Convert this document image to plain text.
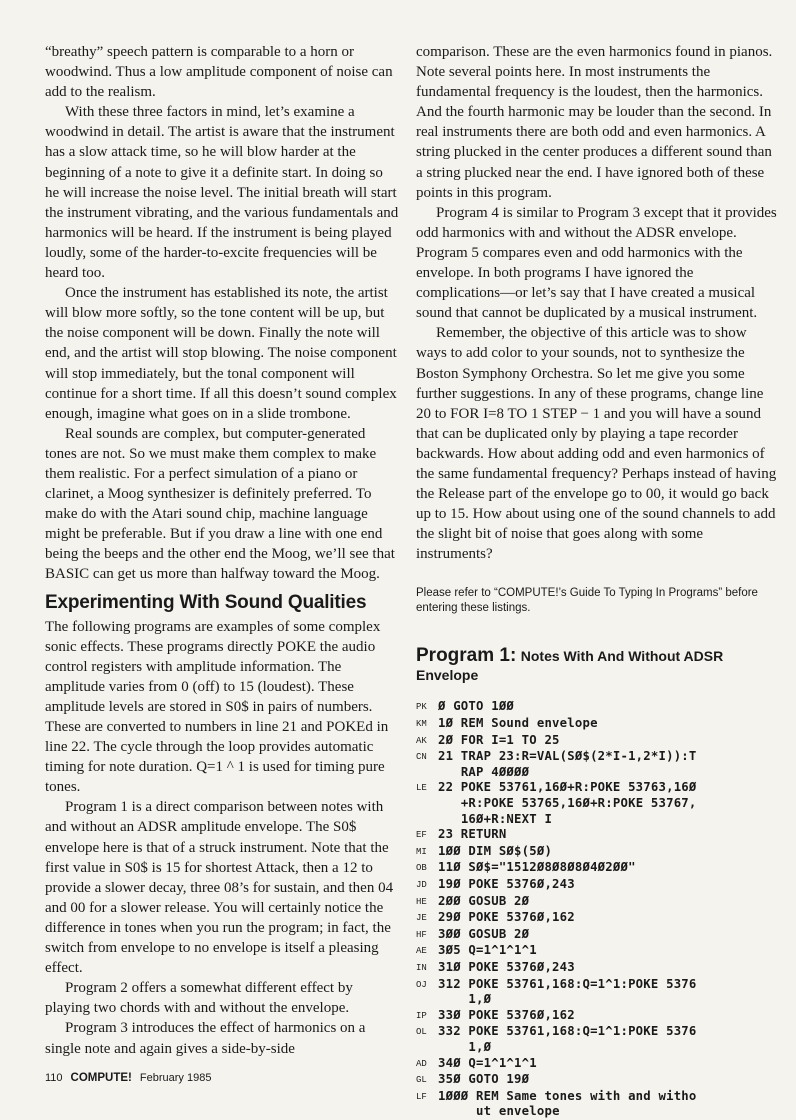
“breathy” speech pattern is comparable to a horn or woodwind. Thus a low amplitude component of noise can add to the realism.

With these three factors in mind, let’s examine a woodwind in detail. The artist is aware that the instrument has a slow attack time, so he will blow harder at the beginning of a note to give it a definite start. In doing so he will increase the noise level. The initial breath will start the instrument vibrating, and the various fundamentals and harmonics will be heard. If the instrument is being played loudly, some of the harder-to-excite frequencies will be heard too.

Once the instrument has established its note, the artist will blow more softly, so the tone content will be up, but the noise component will be down. Finally the note will end, and the artist will stop blowing. The noise component will stop immediately, but the tonal component will continue for a short time. If all this doesn’t sound complex enough, imagine what goes on in a slide trombone.

Real sounds are complex, but computer-generated tones are not. So we must make them complex to make them realistic. For a perfect simulation of a piano or clarinet, a Moog synthesizer is definitely preferred. To make do with the Atari sound chip, machine language might be preferable. But if you draw a line with one end being the beeps and the other end the Moog, we’ll see that BASIC can get us more than halfway toward the Moog.

Experimenting With Sound Qualities

The following programs are examples of some complex sonic effects. These programs directly POKE the audio control registers with amplitude information. The amplitude varies from 0 (off) to 15 (loudest). These amplitude levels are stored in S0$ in pairs of numbers. These are converted to numbers in line 21 and POKEd in line 22. The cycle through the loop provides automatic timing for note duration. Q=1 ^ 1 is used for timing pure tones.

Program 1 is a direct comparison between notes with and without an ADSR amplitude envelope. The S0$ envelope here is that of a struck instrument. Note that the first value in S0$ is 15 for shortest Attack, then a 12 to provide a slower decay, three 08’s for sustain, and then 04 and 00 for a slower release. You will certainly notice the difference in tones when you run the program; in fact, the switch from envelope to no envelope is itself a pleasing effect.

Program 2 offers a somewhat different effect by playing two chords with and without the envelope.

Program 3 introduces the effect of harmonics on a single note and again gives a side-by-side

comparison. These are the even harmonics found in pianos. Note several points here. In most instruments the fundamental frequency is the loudest, then the harmonics. And the fourth harmonic may be louder than the second. In real instruments there are both odd and even harmonics. A string plucked in the center produces a different sound than a string plucked near the end. I have ignored both of these points in this program.

Program 4 is similar to Program 3 except that it provides odd harmonics with and without the ADSR envelope. Program 5 compares even and odd harmonics with the envelope. In both programs I have ignored the complications—or let’s say that I have created a musical sound that cannot be duplicated by a musical instrument.

Remember, the objective of this article was to show ways to add color to your sounds, not to synthesize the Boston Symphony Orchestra. So let me give you some further suggestions. In any of these programs, change line 20 to FOR I=8 TO 1 STEP − 1 and you will have a sound that can be duplicated only by playing a tape recorder backwards. How about adding odd and even harmonics of the same fundamental frequency? Perhaps instead of having the Release part of the envelope go to 00, it would go back up to 15. How about using one of the sound channels to add the slight bit of noise that goes along with some instruments?

Please refer to “COMPUTE!’s Guide To Typing In Programs” before entering these listings.

Program 1: Notes With And Without ADSR Envelope
PK Ø GOTO 1ØØ
KM 1Ø REM Sound envelope
AK 2Ø FOR I=1 TO 25
CN 21 TRAP 23:R=VAL(SØ$(2*I-1,2*I)):T
RAP 4ØØØØ
LE 22 POKE 53761,16Ø+R:POKE 53763,16Ø
+R:POKE 53765,16Ø+R:POKE 53767,
16Ø+R:NEXT I
EF 23 RETURN
MI 1ØØ DIM SØ$(5Ø)
OB 11Ø SØ$="1512Ø8Ø8Ø8Ø4Ø2ØØ"
JD 19Ø POKE 5376Ø,243
HE 2ØØ GOSUB 2Ø
JE 29Ø POKE 5376Ø,162
HF 3ØØ GOSUB 2Ø
AE 3Ø5 Q=1^1^1^1
IN 31Ø POKE 5376Ø,243
OJ 312 POKE 53761,168:Q=1^1:POKE 5376
1,Ø
IP 33Ø POKE 5376Ø,162
OL 332 POKE 53761,168:Q=1^1:POKE 5376
1,Ø
AD 34Ø Q=1^1^1^1
GL 35Ø GOTO 19Ø
LF 1ØØØ REM Same tones with and witho
ut envelope
110 COMPUTE! February 1985
